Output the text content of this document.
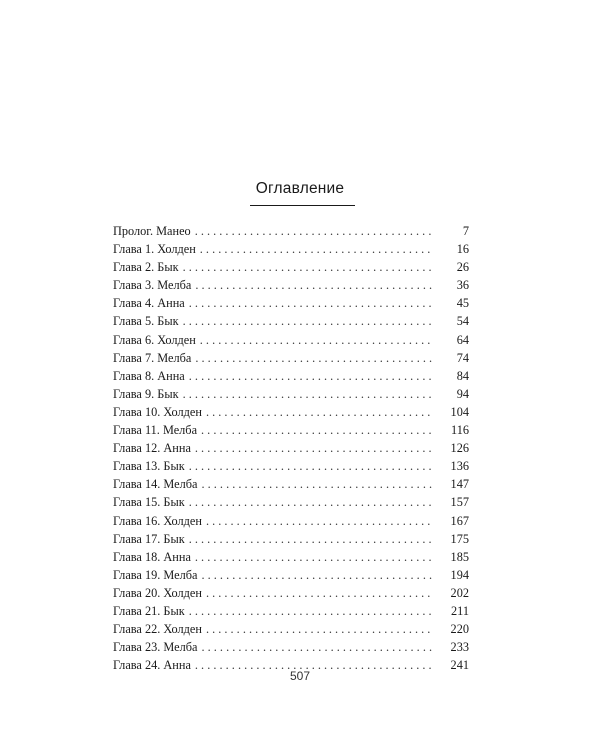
Оглавление
Пролог. Манео . . .	7
Глава 1. Холден . . .	16
Глава 2. Бык . . .	26
Глава 3. Мелба . . .	36
Глава 4. Анна . . .	45
Глава 5. Бык . . .	54
Глава 6. Холден . . .	64
Глава 7. Мелба . . .	74
Глава 8. Анна . . .	84
Глава 9. Бык . . .	94
Глава 10. Холден . . .	104
Глава 11. Мелба . . .	116
Глава 12. Анна . . .	126
Глава 13. Бык . . .	136
Глава 14. Мелба . . .	147
Глава 15. Бык . . .	157
Глава 16. Холден . . .	167
Глава 17. Бык . . .	175
Глава 18. Анна . . .	185
Глава 19. Мелба . . .	194
Глава 20. Холден . . .	202
Глава 21. Бык . . .	211
Глава 22. Холден . . .	220
Глава 23. Мелба . . .	233
Глава 24. Анна . . .	241
507
